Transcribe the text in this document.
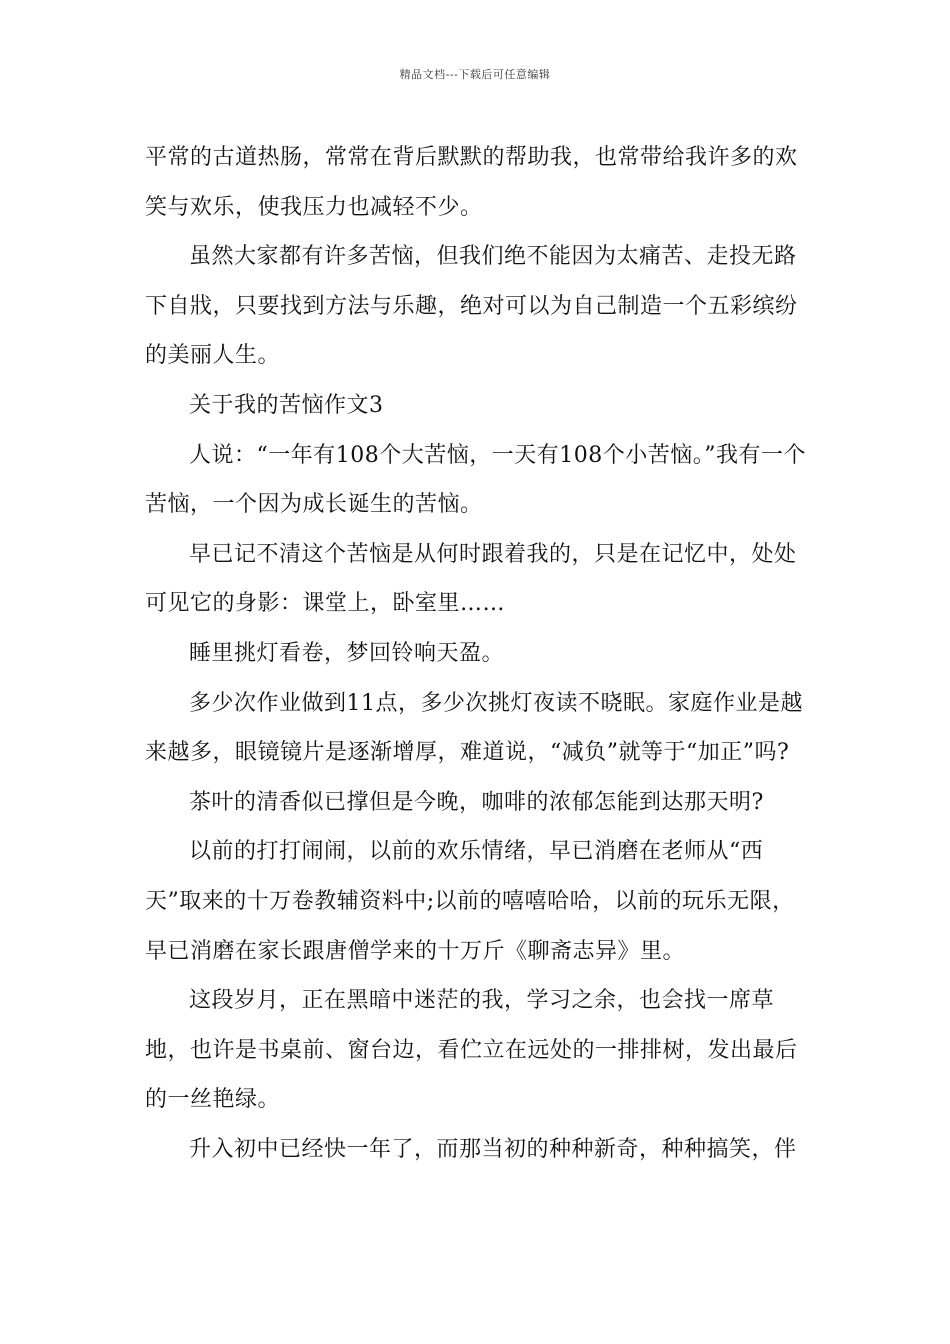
精品文档---下载后可任意编辑

平常的古道热肠，常常在背后默默的帮助我，也常带给我许多的欢笑与欢乐，使我压力也减轻不少。

虽然大家都有许多苦恼，但我们绝不能因为太痛苦、走投无路下自戕，只要找到方法与乐趣，绝对可以为自己制造一个五彩缤纷的美丽人生。

关于我的苦恼作文3

人说：“一年有108个大苦恼，一天有108个小苦恼。”我有一个苦恼，一个因为成长诞生的苦恼。

早已记不清这个苦恼是从何时跟着我的，只是在记忆中，处处可见它的身影：课堂上，卧室里……

睡里挑灯看卷，梦回铃响天盈。

多少次作业做到11点，多少次挑灯夜读不晓眠。家庭作业是越来越多，眼镜镜片是逐渐增厚，难道说，“减负”就等于“加正”吗?

茶叶的清香似已撑但是今晚，咖啡的浓郁怎能到达那天明?

以前的打打闹闹，以前的欢乐情绪，早已消磨在老师从“西天”取来的十万卷教辅资料中;以前的嘻嘻哈哈，以前的玩乐无限，早已消磨在家长跟唐僧学来的十万斤《聊斋志异》里。

这段岁月，正在黑暗中迷茫的我，学习之余，也会找一席草地，也许是书桌前、窗台边，看伫立在远处的一排排树，发出最后的一丝艳绿。

升入初中已经快一年了，而那当初的种种新奇，种种搞笑，伴
